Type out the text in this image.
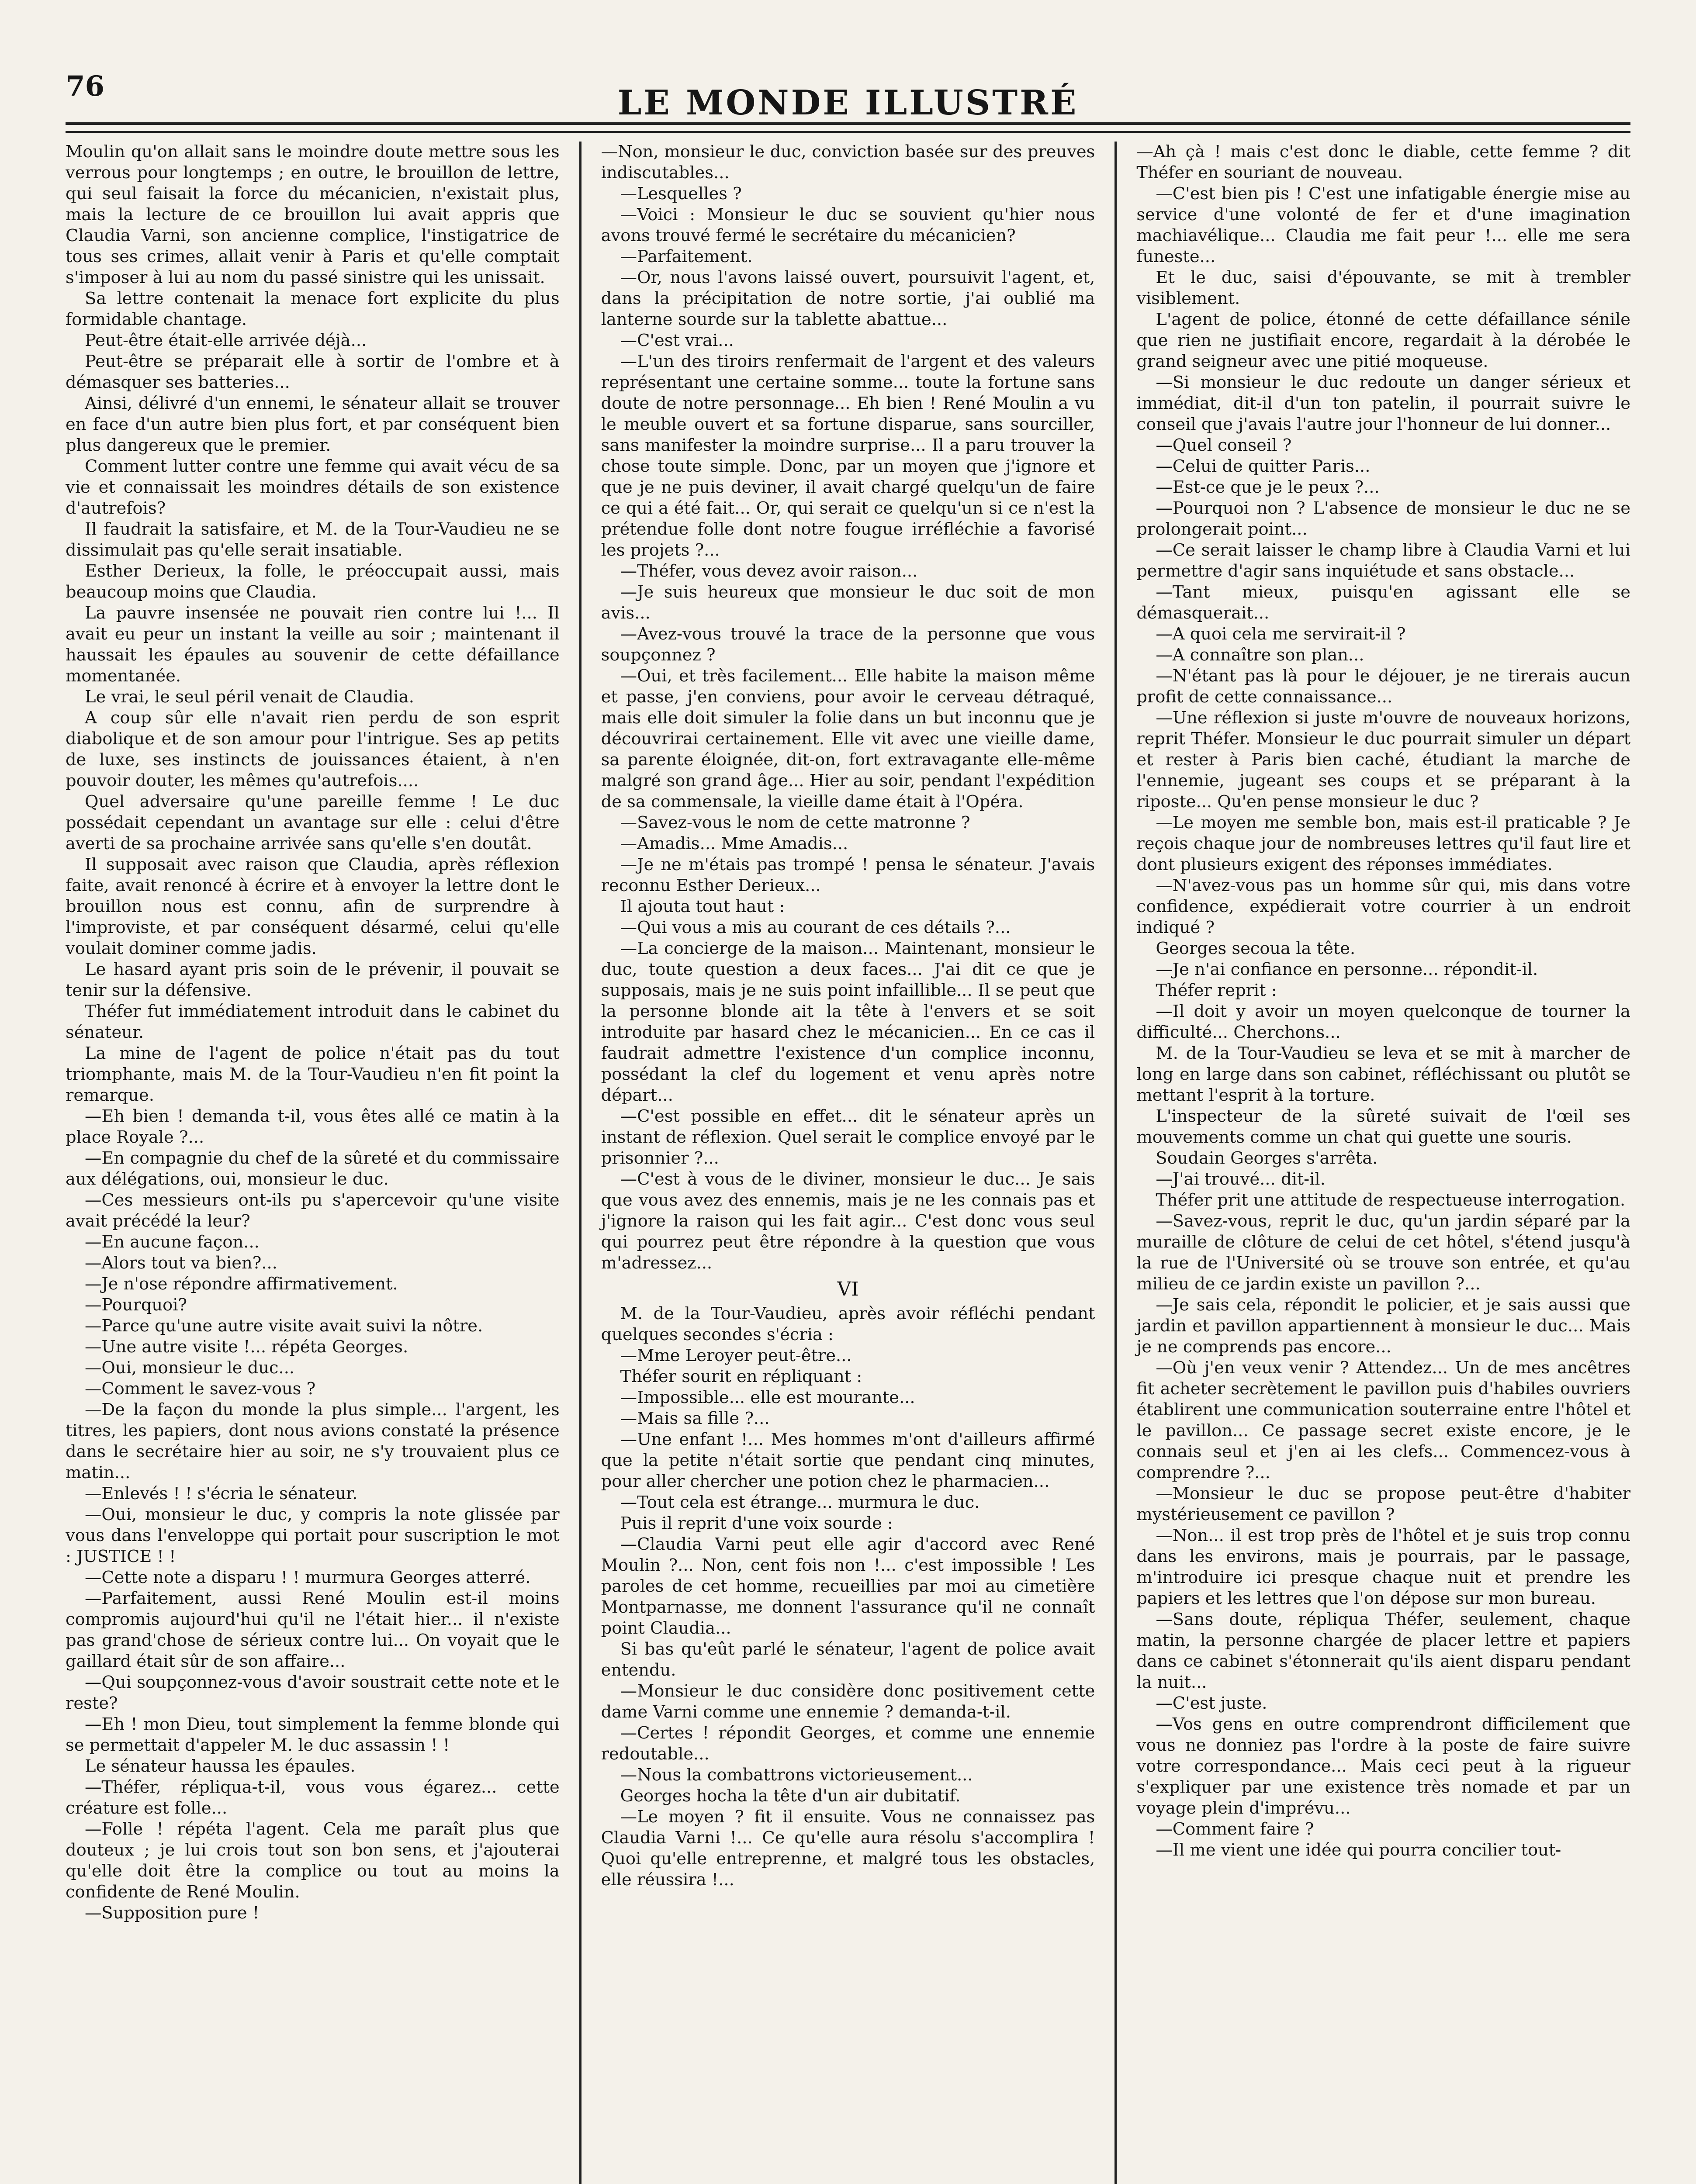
76	LE MONDE ILLUSTRÉ

Moulin qu'on allait sans le moindre doute mettre sous les verrous pour longtemps ; en outre, le brouillon de lettre, qui seul faisait la force du mécanicien, n'existait plus, mais la lecture de ce brouillon lui avait appris que Claudia Varni, son ancienne complice, l'instigatrice de tous ses crimes, allait venir à Paris et qu'elle comptait s'imposer à lui au nom du passé sinistre qui les unissait.

Sa lettre contenait la menace fort explicite du plus formidable chantage.

Peut-être était-elle arrivée déjà...

Peut-être se préparait elle à sortir de l'ombre et à démasquer ses batteries...

Ainsi, délivré d'un ennemi, le sénateur allait se trouver en face d'un autre bien plus fort, et par conséquent bien plus dangereux que le premier.

Comment lutter contre une femme qui avait vécu de sa vie et connaissait les moindres détails de son existence d'autrefois?

Il faudrait la satisfaire, et M. de la Tour-Vaudieu ne se dissimulait pas qu'elle serait insatiable.

Esther Derieux, la folle, le préoccupait aussi, mais beaucoup moins que Claudia.

La pauvre insensée ne pouvait rien contre lui !... Il avait eu peur un instant la veille au soir ; maintenant il haussait les épaules au souvenir de cette défaillance momentanée.

Le vrai, le seul péril venait de Claudia.

A coup sûr elle n'avait rien perdu de son esprit diabolique et de son amour pour l'intrigue. Ses ap petits de luxe, ses instincts de jouissances étaient, à n'en pouvoir douter, les mêmes qu'autrefois....

Quel adversaire qu'une pareille femme ! Le duc possédait cependant un avantage sur elle : celui d'être averti de sa prochaine arrivée sans qu'elle s'en doutât.

Il supposait avec raison que Claudia, après réflexion faite, avait renoncé à écrire et à envoyer la lettre dont le brouillon nous est connu, afin de surprendre à l'improviste, et par conséquent désarmé, celui qu'elle voulait dominer comme jadis.

Le hasard ayant pris soin de le prévenir, il pouvait se tenir sur la défensive.

Théfer fut immédiatement introduit dans le cabinet du sénateur.

La mine de l'agent de police n'était pas du tout triomphante, mais M. de la Tour-Vaudieu n'en fit point la remarque.

—Eh bien ! demanda t-il, vous êtes allé ce matin à la place Royale ?...

—En compagnie du chef de la sûreté et du commissaire aux délégations, oui, monsieur le duc.

—Ces messieurs ont-ils pu s'apercevoir qu'une visite avait précédé la leur?

—En aucune façon...

—Alors tout va bien?...

—Je n'ose répondre affirmativement.

—Pourquoi?

—Parce qu'une autre visite avait suivi la nôtre.

—Une autre visite !... répéta Georges.

—Oui, monsieur le duc...

—Comment le savez-vous ?

—De la façon du monde la plus simple... l'argent, les titres, les papiers, dont nous avions constaté la présence dans le secrétaire hier au soir, ne s'y trouvaient plus ce matin...

—Enlevés ! ! s'écria le sénateur.

—Oui, monsieur le duc, y compris la note glissée par vous dans l'enveloppe qui portait pour suscription le mot : JUSTICE ! !

—Cette note a disparu ! ! murmura Georges atterré.

—Parfaitement, aussi René Moulin est-il moins compromis aujourd'hui qu'il ne l'était hier... il n'existe pas grand'chose de sérieux contre lui... On voyait que le gaillard était sûr de son affaire...

—Qui soupçonnez-vous d'avoir soustrait cette note et le reste?

—Eh ! mon Dieu, tout simplement la femme blonde qui se permettait d'appeler M. le duc assassin ! !

Le sénateur haussa les épaules.

—Théfer, répliqua-t-il, vous vous égarez... cette créature est folle...

—Folle ! répéta l'agent. Cela me paraît plus que douteux ; je lui crois tout son bon sens, et j'ajouterai qu'elle doit être la complice ou tout au moins la confidente de René Moulin.

—Supposition pure !

—Non, monsieur le duc, conviction basée sur des preuves indiscutables...

—Lesquelles ?

—Voici : Monsieur le duc se souvient qu'hier nous avons trouvé fermé le secrétaire du mécanicien?

—Parfaitement.

—Or, nous l'avons laissé ouvert, poursuivit l'agent, et, dans la précipitation de notre sortie, j'ai oublié ma lanterne sourde sur la tablette abattue...

—C'est vrai...

—L'un des tiroirs renfermait de l'argent et des valeurs représentant une certaine somme... toute la fortune sans doute de notre personnage... Eh bien ! René Moulin a vu le meuble ouvert et sa fortune disparue, sans sourciller, sans manifester la moindre surprise... Il a paru trouver la chose toute simple. Donc, par un moyen que j'ignore et que je ne puis deviner, il avait chargé quelqu'un de faire ce qui a été fait... Or, qui serait ce quelqu'un si ce n'est la prétendue folle dont notre fougue irréfléchie a favorisé les projets ?...

—Théfer, vous devez avoir raison...

—Je suis heureux que monsieur le duc soit de mon avis...

—Avez-vous trouvé la trace de la personne que vous soupçonnez ?

—Oui, et très facilement... Elle habite la maison même et passe, j'en conviens, pour avoir le cerveau détraqué, mais elle doit simuler la folie dans un but inconnu que je découvrirai certainement. Elle vit avec une vieille dame, sa parente éloignée, dit-on, fort extravagante elle-même malgré son grand âge... Hier au soir, pendant l'expédition de sa commensale, la vieille dame était à l'Opéra.

—Savez-vous le nom de cette matronne ?

—Amadis... Mme Amadis...

—Je ne m'étais pas trompé ! pensa le sénateur. J'avais reconnu Esther Derieux...

Il ajouta tout haut :

—Qui vous a mis au courant de ces détails ?...

—La concierge de la maison... Maintenant, monsieur le duc, toute question a deux faces... J'ai dit ce que je supposais, mais je ne suis point infaillible... Il se peut que la personne blonde ait la tête à l'envers et se soit introduite par hasard chez le mécanicien... En ce cas il faudrait admettre l'existence d'un complice inconnu, possédant la clef du logement et venu après notre départ...

—C'est possible en effet... dit le sénateur après un instant de réflexion. Quel serait le complice envoyé par le prisonnier ?...

—C'est à vous de le diviner, monsieur le duc... Je sais que vous avez des ennemis, mais je ne les connais pas et j'ignore la raison qui les fait agir... C'est donc vous seul qui pourrez peut être répondre à la question que vous m'adressez...

VI

M. de la Tour-Vaudieu, après avoir réfléchi pendant quelques secondes s'écria :

—Mme Leroyer peut-être...

Théfer sourit en répliquant :

—Impossible... elle est mourante...

—Mais sa fille ?...

—Une enfant !... Mes hommes m'ont d'ailleurs affirmé que la petite n'était sortie que pendant cinq minutes, pour aller chercher une potion chez le pharmacien...

—Tout cela est étrange... murmura le duc.

Puis il reprit d'une voix sourde :

—Claudia Varni peut elle agir d'accord avec René Moulin ?... Non, cent fois non !... c'est impossible ! Les paroles de cet homme, recueillies par moi au cimetière Montparnasse, me donnent l'assurance qu'il ne connaît point Claudia...

Si bas qu'eût parlé le sénateur, l'agent de police avait entendu.

—Monsieur le duc considère donc positivement cette dame Varni comme une ennemie ? demanda-t-il.

—Certes ! répondit Georges, et comme une ennemie redoutable...

—Nous la combattrons victorieusement...

Georges hocha la tête d'un air dubitatif.

—Le moyen ? fit il ensuite. Vous ne connaissez pas Claudia Varni !... Ce qu'elle aura résolu s'accomplira ! Quoi qu'elle entreprenne, et malgré tous les obstacles, elle réussira !...

—Ah çà ! mais c'est donc le diable, cette femme ? dit Théfer en souriant de nouveau.

—C'est bien pis ! C'est une infatigable énergie mise au service d'une volonté de fer et d'une imagination machiavélique... Claudia me fait peur !... elle me sera funeste...

Et le duc, saisi d'épouvante, se mit à trembler visiblement.

L'agent de police, étonné de cette défaillance sénile que rien ne justifiait encore, regardait à la dérobée le grand seigneur avec une pitié moqueuse.

—Si monsieur le duc redoute un danger sérieux et immédiat, dit-il d'un ton patelin, il pourrait suivre le conseil que j'avais l'autre jour l'honneur de lui donner...

—Quel conseil ?

—Celui de quitter Paris...

—Est-ce que je le peux ?...

—Pourquoi non ? L'absence de monsieur le duc ne se prolongerait point...

—Ce serait laisser le champ libre à Claudia Varni et lui permettre d'agir sans inquiétude et sans obstacle...

—Tant mieux, puisqu'en agissant elle se démasquerait...

—A quoi cela me servirait-il ?

—A connaître son plan...

—N'étant pas là pour le déjouer, je ne tirerais aucun profit de cette connaissance...

—Une réflexion si juste m'ouvre de nouveaux horizons, reprit Théfer. Monsieur le duc pourrait simuler un départ et rester à Paris bien caché, étudiant la marche de l'ennemie, jugeant ses coups et se préparant à la riposte... Qu'en pense monsieur le duc ?

—Le moyen me semble bon, mais est-il praticable ? Je reçois chaque jour de nombreuses lettres qu'il faut lire et dont plusieurs exigent des réponses immédiates.

—N'avez-vous pas un homme sûr qui, mis dans votre confidence, expédierait votre courrier à un endroit indiqué ?

Georges secoua la tête.

—Je n'ai confiance en personne... répondit-il.

Théfer reprit :

—Il doit y avoir un moyen quelconque de tourner la difficulté... Cherchons...

M. de la Tour-Vaudieu se leva et se mit à marcher de long en large dans son cabinet, réfléchissant ou plutôt se mettant l'esprit à la torture.

L'inspecteur de la sûreté suivait de l'œil ses mouvements comme un chat qui guette une souris.

Soudain Georges s'arrêta.

—J'ai trouvé... dit-il.

Théfer prit une attitude de respectueuse interrogation.

—Savez-vous, reprit le duc, qu'un jardin séparé par la muraille de clôture de celui de cet hôtel, s'étend jusqu'à la rue de l'Université où se trouve son entrée, et qu'au milieu de ce jardin existe un pavillon ?...

—Je sais cela, répondit le policier, et je sais aussi que jardin et pavillon appartiennent à monsieur le duc... Mais je ne comprends pas encore...

—Où j'en veux venir ? Attendez... Un de mes ancêtres fit acheter secrètement le pavillon puis d'habiles ouvriers établirent une communication souterraine entre l'hôtel et le pavillon... Ce passage secret existe encore, je le connais seul et j'en ai les clefs... Commencez-vous à comprendre ?...

—Monsieur le duc se propose peut-être d'habiter mystérieusement ce pavillon ?

—Non... il est trop près de l'hôtel et je suis trop connu dans les environs, mais je pourrais, par le passage, m'introduire ici presque chaque nuit et prendre les papiers et les lettres que l'on dépose sur mon bureau.

—Sans doute, répliqua Théfer, seulement, chaque matin, la personne chargée de placer lettre et papiers dans ce cabinet s'étonnerait qu'ils aient disparu pendant la nuit...

—C'est juste.

—Vos gens en outre comprendront difficilement que vous ne donniez pas l'ordre à la poste de faire suivre votre correspondance... Mais ceci peut à la rigueur s'expliquer par une existence très nomade et par un voyage plein d'imprévu...

—Comment faire ?

—Il me vient une idée qui pourra concilier tout-
